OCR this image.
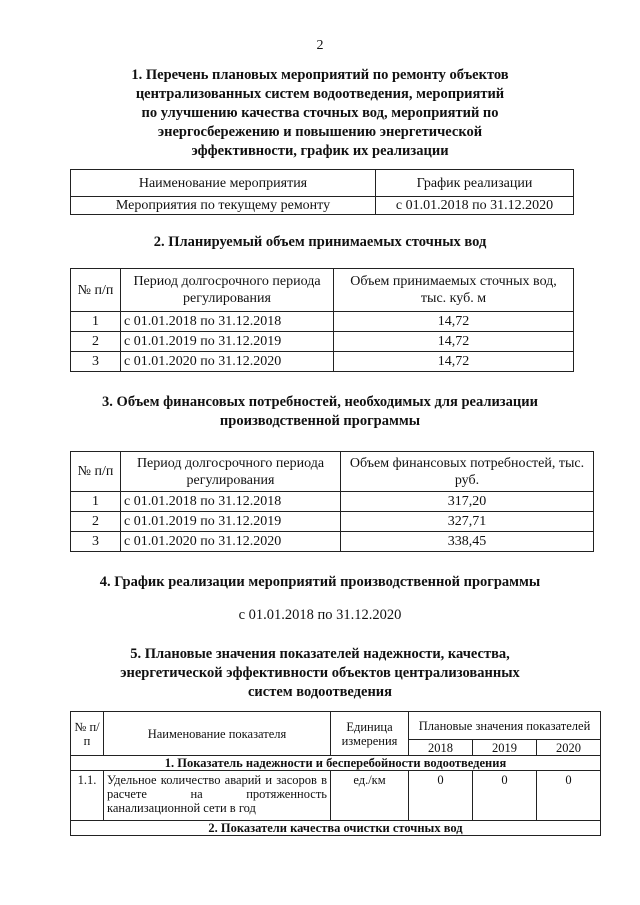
2
1. Перечень плановых мероприятий по ремонту объектов
централизованных систем водоотведения, мероприятий
по улучшению качества сточных вод, мероприятий по
энергосбережению и повышению энергетической
эффективности, график их реализации
Наименование мероприятия	График реализации
Мероприятия по текущему ремонту	с 01.01.2018 по 31.12.2020
2. Планируемый объем принимаемых сточных вод
№ п/п	Период долгосрочного периода регулирования	Объем принимаемых сточных вод, тыс. куб. м
1	с 01.01.2018 по 31.12.2018	14,72
2	с 01.01.2019 по 31.12.2019	14,72
3	с 01.01.2020 по 31.12.2020	14,72
3. Объем финансовых потребностей, необходимых для реализации
производственной программы
№ п/п	Период долгосрочного периода регулирования	Объем финансовых потребностей, тыс. руб.
1	с 01.01.2018 по 31.12.2018	317,20
2	с 01.01.2019 по 31.12.2019	327,71
3	с 01.01.2020 по 31.12.2020	338,45
4. График реализации мероприятий производственной программы
с 01.01.2018 по 31.12.2020
5. Плановые значения показателей надежности, качества,
энергетической эффективности объектов централизованных
систем водоотведения
№ п/п	Наименование показателя	Единица измерения	Плановые значения показателей		
			2018	2019	2020
1. Показатель надежности и бесперебойности водоотведения					
1.1.	Удельное количество аварий и засоров в расчете на протяженность канализационной сети в год	ед./км	0	0	0
2. Показатели качества очистки сточных вод					
